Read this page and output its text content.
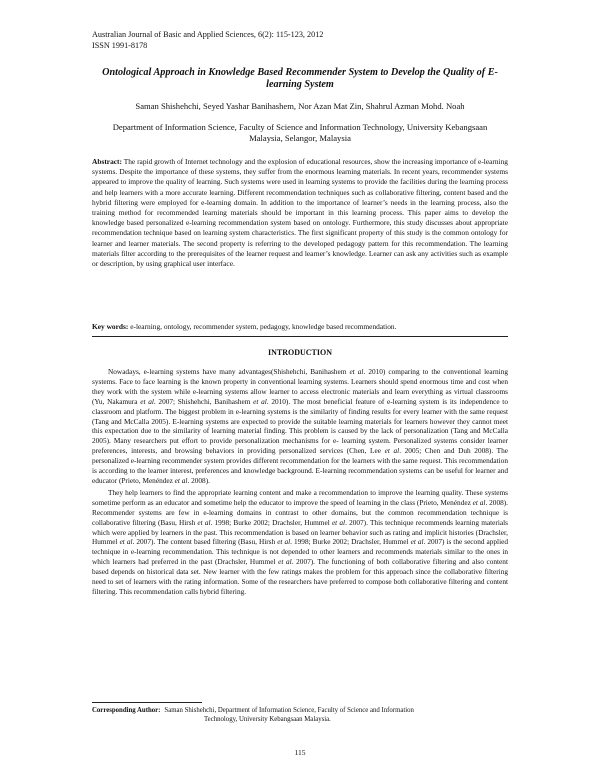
Australian Journal of Basic and Applied Sciences, 6(2): 115-123, 2012
ISSN 1991-8178
Ontological Approach in Knowledge Based Recommender System to Develop the Quality of E-learning System
Saman Shishehchi, Seyed Yashar Banihashem, Nor Azan Mat Zin, Shahrul Azman Mohd. Noah
Department of Information Science, Faculty of Science and Information Technology, University Kebangsaan Malaysia, Selangor, Malaysia
Abstract: The rapid growth of Internet technology and the explosion of educational resources, show the increasing importance of e-learning systems. Despite the importance of these systems, they suffer from the enormous learning materials. In recent years, recommender systems appeared to improve the quality of learning. Such systems were used in learning systems to provide the facilities during the learning process and help learners with a more accurate learning. Different recommendation techniques such as collaborative filtering, content based and the hybrid filtering were employed for e-learning domain. In addition to the importance of learner’s needs in the learning process, also the training method for recommended learning materials should be important in this learning process. This paper aims to develop the knowledge based personalized e-learning recommendation system based on ontology. Furthermore, this study discusses about appropriate recommendation technique based on learning system characteristics. The first significant property of this study is the common ontology for learner and learner materials. The second property is referring to the developed pedagogy pattern for this recommendation. The learning materials filter according to the prerequisites of the learner request and learner’s knowledge. Learner can ask any activities such as example or description, by using graphical user interface.
Key words: e-learning, ontology, recommender system, pedagogy, knowledge based recommendation.
INTRODUCTION

Nowadays, e-learning systems have many advantages(Shishehchi, Banihashem et al. 2010) comparing to the conventional learning systems. Face to face learning is the known property in conventional learning systems. Learners should spend enormous time and cost when they work with the system while e-learning systems allow learner to access electronic materials and learn everything as virtual classrooms (Yu, Nakamura et al. 2007; Shishehchi, Banihashem et al. 2010). The most beneficial feature of e-learning system is its independence to classroom and platform. The biggest problem in e-learning systems is the similarity of finding results for every learner with the same request (Tang and McCalla 2005). E-learning systems are expected to provide the suitable learning materials for learners however they cannot meet this expectation due to the similarity of learning material finding. This problem is caused by the lack of personalization (Tang and McCalla 2005). Many researchers put effort to provide personalization mechanisms for e- learning system. Personalized systems consider learner preferences, interests, and browsing behaviors in providing personalized services (Chen, Lee et al. 2005; Chen and Duh 2008). The personalized e-learning recommender system provides different recommendation for the learners with the same request. This recommendation is according to the learner interest, preferences and knowledge background. E-learning recommendation systems can be useful for learner and educator (Prieto, Menéndez et al. 2008).

They help learners to find the appropriate learning content and make a recommendation to improve the learning quality. These systems sometime perform as an educator and sometime help the educator to improve the speed of learning in the class (Prieto, Menéndez et al. 2008). Recommender systems are few in e-learning domains in contrast to other domains, but the common recommendation technique is collaborative filtering (Basu, Hirsh et al. 1998; Burke 2002; Drachsler, Hummel et al. 2007). This technique recommends learning materials which were applied by learners in the past. This recommendation is based on learner behavior such as rating and implicit histories (Drachsler, Hummel et al. 2007). The content based filtering (Basu, Hirsh et al. 1998; Burke 2002; Drachsler, Hummel et al. 2007) is the second applied technique in e-learning recommendation. This technique is not depended to other learners and recommends materials similar to the ones in which learners had preferred in the past (Drachsler, Hummel et al. 2007). The functioning of both collaborative filtering and also content based depends on historical data set. New learner with the few ratings makes the problem for this approach since the collaborative filtering need to set of learners with the rating information. Some of the researchers have preferred to compose both collaborative filtering and content filtering. This recommendation calls hybrid filtering.

Corresponding Author: Saman Shishehchi, Department of Information Science, Faculty of Science and Information
Technology, University Kebangsaan Malaysia.
115
